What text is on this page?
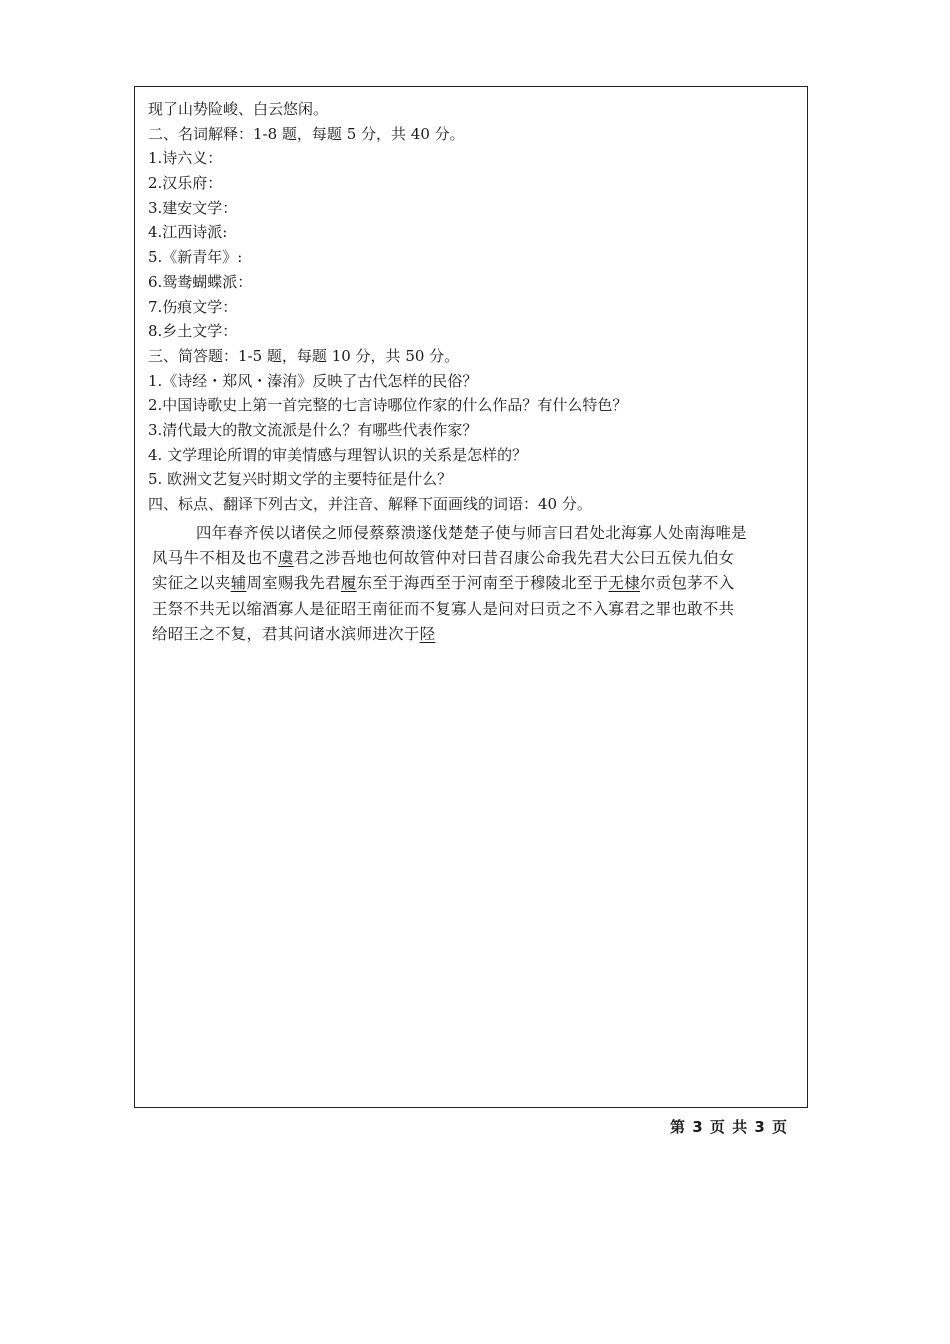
现了山势险峻、白云悠闲。
二、名词解释：1-8 题，每题 5 分，共 40 分。
1.诗六义：
2.汉乐府：
3.建安文学：
4.江西诗派:
5.《新青年》:
6.鸳鸯蝴蝶派：
7.伤痕文学：
8.乡土文学：
三、简答题：1-5 题，每题 10 分，共 50 分。
1.《诗经・郑风・溱洧》反映了古代怎样的民俗？
2.中国诗歌史上第一首完整的七言诗哪位作家的什么作品？有什么特色？
3.清代最大的散文流派是什么？有哪些代表作家？
4. 文学理论所谓的审美情感与理智认识的关系是怎样的？
5. 欧洲文艺复兴时期文学的主要特征是什么？
四、标点、翻译下列古文，并注音、解释下面画线的词语：40 分。
四年春齐侯以诸侯之师侵蔡蔡溃遂伐楚楚子使与师言曰君处北海寡人处南海唯是
风马牛不相及也不虞君之涉吾地也何故管仲对曰昔召康公命我先君大公曰五侯九伯女
实征之以夹辅周室赐我先君履东至于海西至于河南至于穆陵北至于无棣尔贡包茅不入
王祭不共无以缩酒寡人是征昭王南征而不复寡人是问对曰贡之不入寡君之罪也敢不共
给昭王之不复，君其问诸水滨师进次于陉
第 3 页 共 3 页
